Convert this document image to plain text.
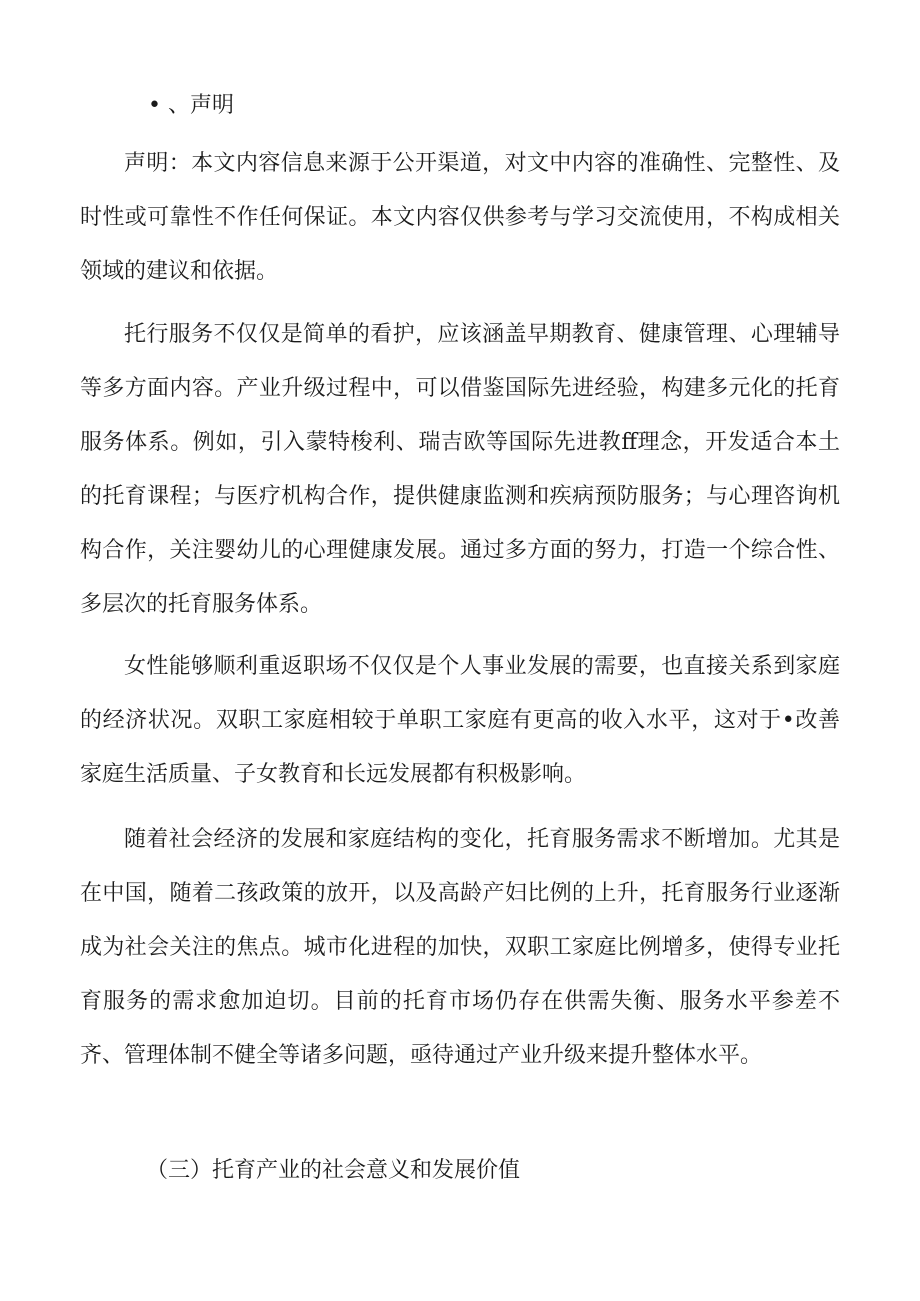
• 、声明

声明：本文内容信息来源于公开渠道，对文中内容的准确性、完整性、及时性或可靠性不作任何保证。本文内容仅供参考与学习交流使用，不构成相关领域的建议和依据。

托行服务不仅仅是简单的看护，应该涵盖早期教育、健康管理、心理辅导等多方面内容。产业升级过程中，可以借鉴国际先进经验，构建多元化的托育服务体系。例如，引入蒙特梭利、瑞吉欧等国际先进教ff理念，开发适合本土的托育课程；与医疗机构合作，提供健康监测和疾病预防服务；与心理咨询机构合作，关注婴幼儿的心理健康发展。通过多方面的努力，打造一个综合性、多层次的托育服务体系。

女性能够顺利重返职场不仅仅是个人事业发展的需要，也直接关系到家庭的经济状况。双职工家庭相较于单职工家庭有更高的收入水平，这对于•改善家庭生活质量、子女教育和长远发展都有积极影响。

随着社会经济的发展和家庭结构的变化，托育服务需求不断增加。尤其是在中国，随着二孩政策的放开，以及高龄产妇比例的上升，托育服务行业逐渐成为社会关注的焦点。城市化进程的加快，双职工家庭比例增多，使得专业托育服务的需求愈加迫切。目前的托育市场仍存在供需失衡、服务水平参差不齐、管理体制不健全等诸多问题，亟待通过产业升级来提升整体水平。

（三）托育产业的社会意义和发展价值
